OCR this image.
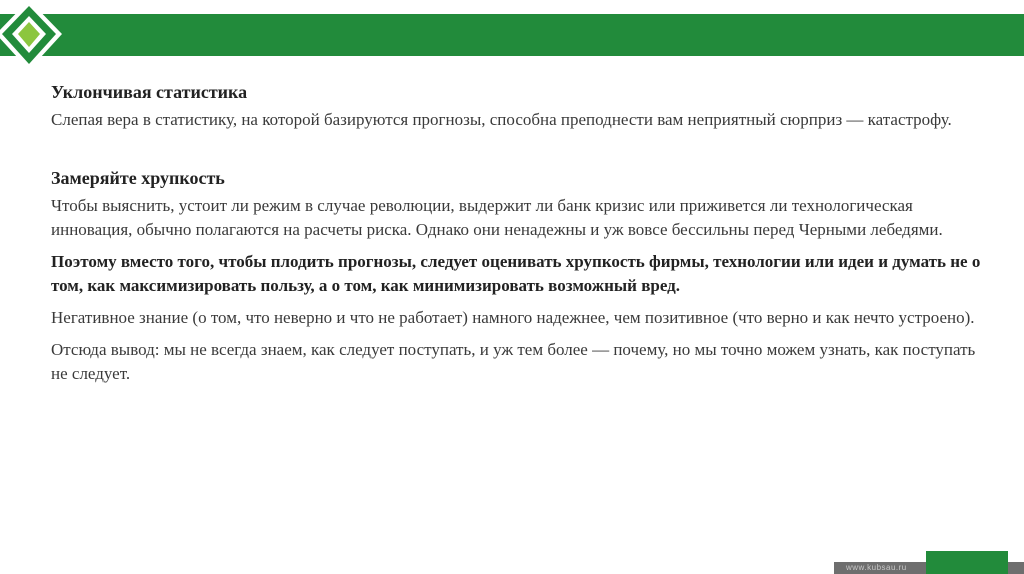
Уклончивая статистика

Слепая вера в статистику, на которой базируются прогнозы, способна преподнести вам неприятный сюрприз — катастрофу.

Замеряйте хрупкость

Чтобы выяснить, устоит ли режим в случае революции, выдержит ли банк кризис или приживется ли технологическая инновация, обычно полагаются на расчеты риска. Однако они ненадежны и уж вовсе бессильны перед Черными лебедями.

Поэтому вместо того, чтобы плодить прогнозы, следует оценивать хрупкость фирмы, технологии или идеи и думать не о том, как максимизировать пользу, а о том, как минимизировать возможный вред.

Негативное знание (о том, что неверно и что не работает) намного надежнее, чем позитивное (что верно и как нечто устроено).

Отсюда вывод: мы не всегда знаем, как следует поступать, и уж тем более — почему, но мы точно можем узнать, как поступать не следует.

www.kubsau.ru
